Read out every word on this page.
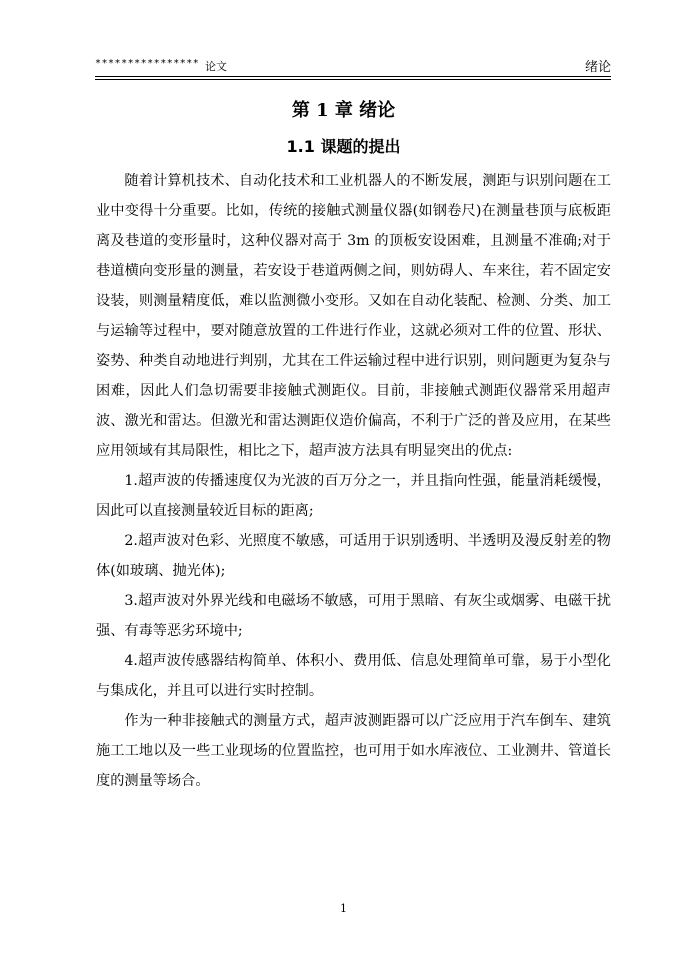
**************** 论文	绪论
第 1 章 绪论
1.1 课题的提出

随着计算机技术、自动化技术和工业机器人的不断发展，测距与识别问题在工业中变得十分重要。比如，传统的接触式测量仪器(如钢卷尺)在测量巷顶与底板距离及巷道的变形量时，这种仪器对高于 3m 的顶板安设困难，且测量不准确;对于巷道横向变形量的测量，若安设于巷道两侧之间，则妨碍人、车来往，若不固定安设装，则测量精度低，难以监测微小变形。又如在自动化装配、检测、分类、加工与运输等过程中，要对随意放置的工件进行作业，这就必须对工件的位置、形状、姿势、种类自动地进行判别，尤其在工件运输过程中进行识别，则问题更为复杂与困难，因此人们急切需要非接触式测距仪。目前，非接触式测距仪器常采用超声波、激光和雷达。但激光和雷达测距仪造价偏高，不利于广泛的普及应用，在某些应用领域有其局限性，相比之下，超声波方法具有明显突出的优点:

1.超声波的传播速度仅为光波的百万分之一，并且指向性强，能量消耗缓慢，因此可以直接测量较近目标的距离;

2.超声波对色彩、光照度不敏感，可适用于识别透明、半透明及漫反射差的物体(如玻璃、抛光体);

3.超声波对外界光线和电磁场不敏感，可用于黑暗、有灰尘或烟雾、电磁干扰强、有毒等恶劣环境中;

4.超声波传感器结构简单、体积小、费用低、信息处理简单可靠，易于小型化与集成化，并且可以进行实时控制。

作为一种非接触式的测量方式，超声波测距器可以广泛应用于汽车倒车、建筑施工工地以及一些工业现场的位置监控，也可用于如水库液位、工业测井、管道长度的测量等场合。

1
